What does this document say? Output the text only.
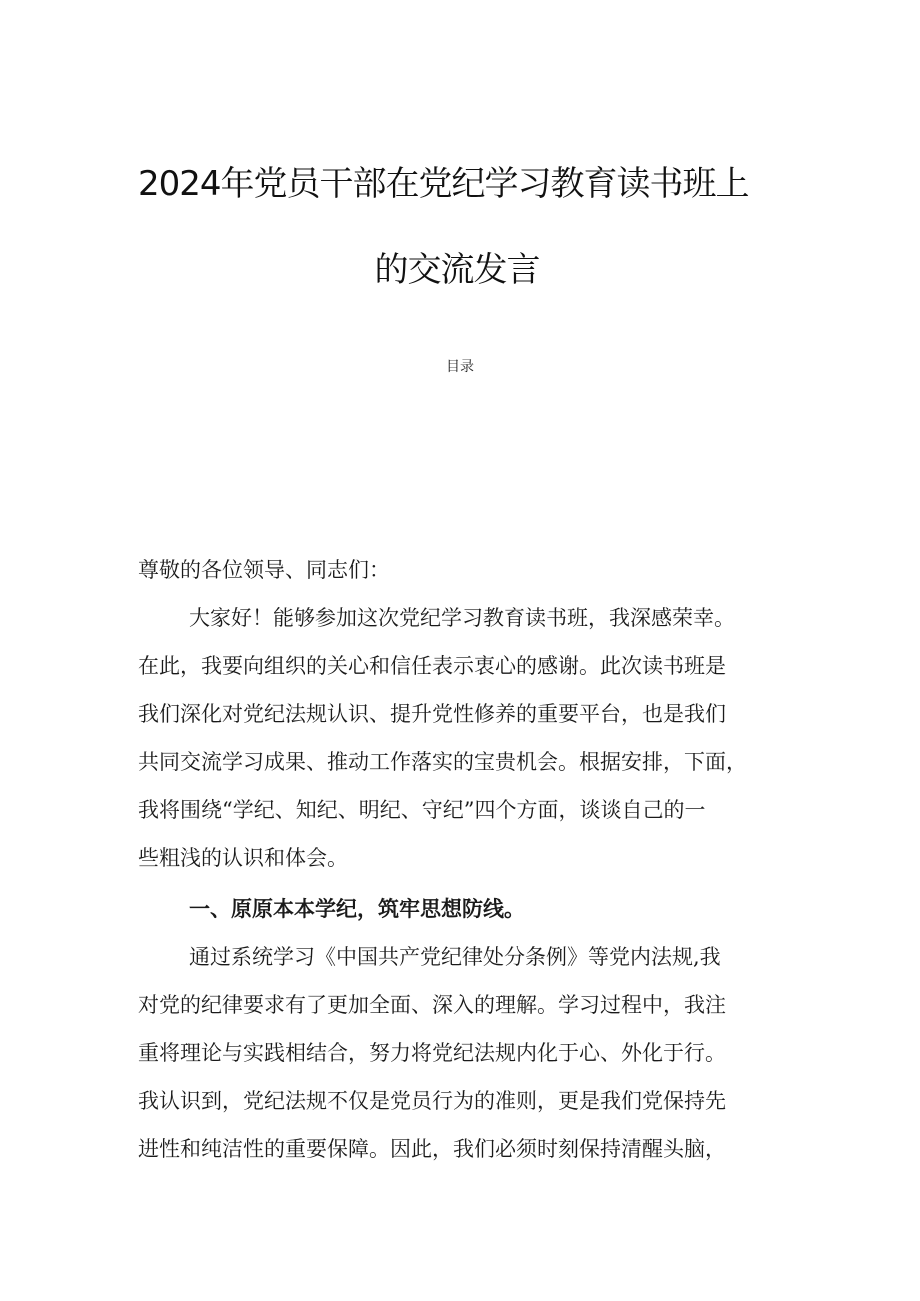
2024年党员干部在党纪学习教育读书班上
的交流发言
目录
尊敬的各位领导、同志们：
大家好！能够参加这次党纪学习教育读书班，我深感荣幸。
在此，我要向组织的关心和信任表示衷心的感谢。此次读书班是
我们深化对党纪法规认识、提升党性修养的重要平台，也是我们
共同交流学习成果、推动工作落实的宝贵机会。根据安排，下面，
我将围绕“学纪、知纪、明纪、守纪”四个方面，谈谈自己的一
些粗浅的认识和体会。
一、原原本本学纪，筑牢思想防线。
通过系统学习《中国共产党纪律处分条例》等党内法规,我
对党的纪律要求有了更加全面、深入的理解。学习过程中，我注
重将理论与实践相结合，努力将党纪法规内化于心、外化于行。
我认识到，党纪法规不仅是党员行为的准则，更是我们党保持先
进性和纯洁性的重要保障。因此，我们必须时刻保持清醒头脑，
